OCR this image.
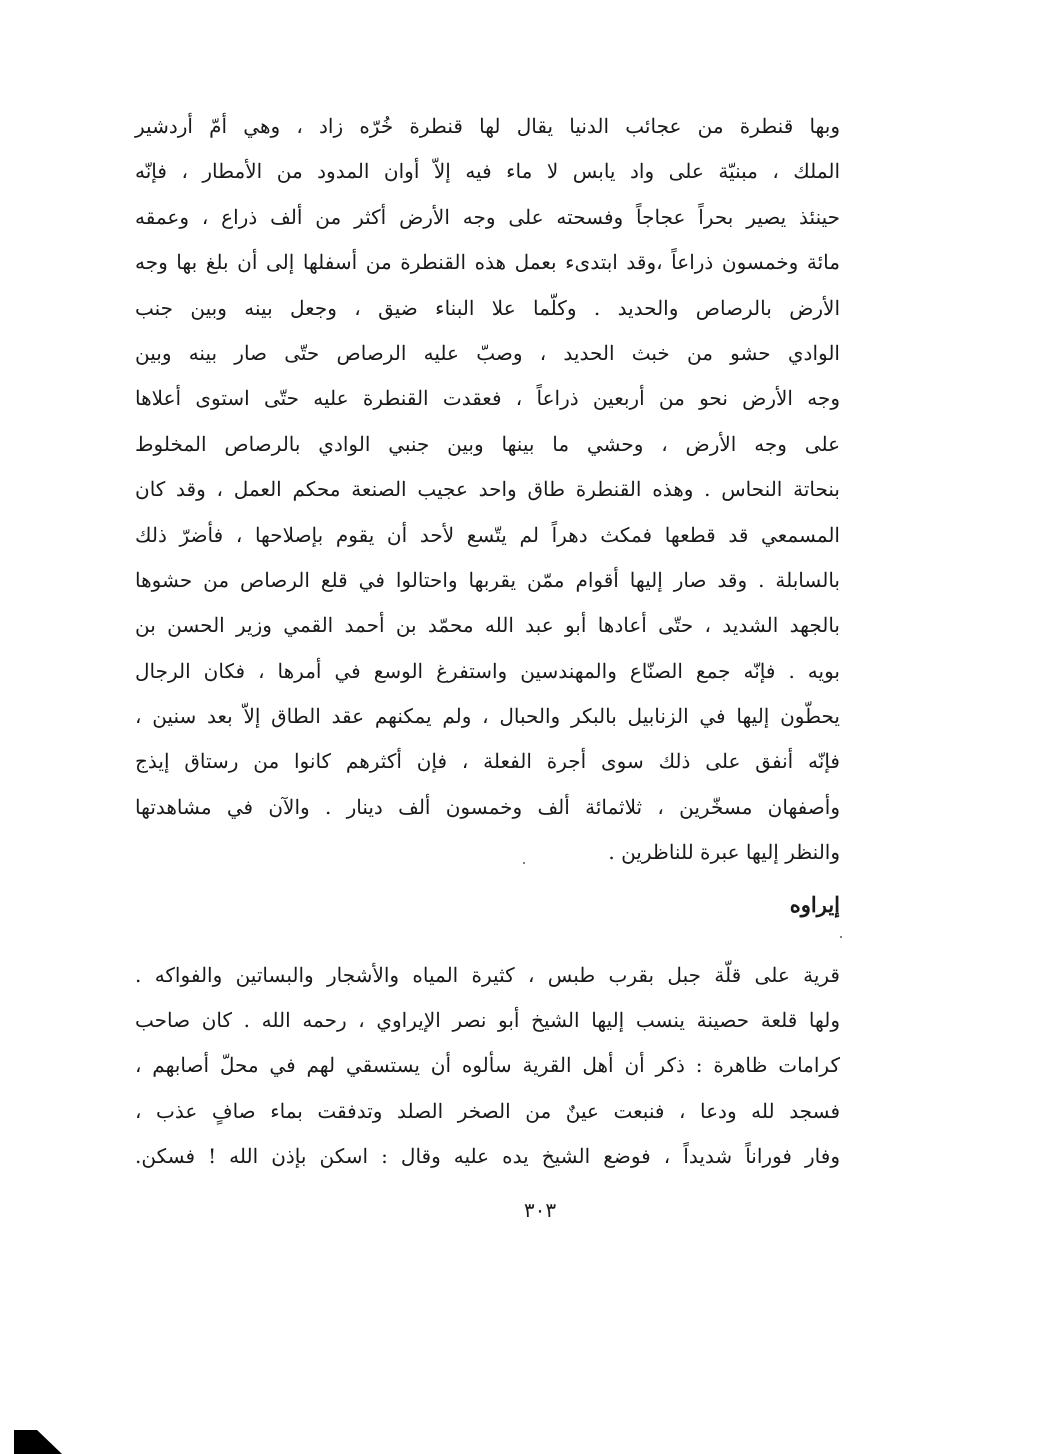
وبها قنطرة من عجائب الدنيا يقال لها قنطرة خُرّه زاد ، وهي أمّ أردشير
الملك ، مبنيّة على واد يابس لا ماء فيه إلاّ أوان المدود من الأمطار ، فإنّه
حينئذ يصير بحراً عجاجاً وفسحته على وجه الأرض أكثر من ألف ذراع ، وعمقه
مائة وخمسون ذراعاً ،وقد ابتدىء بعمل هذه القنطرة من أسفلها إلى أن بلغ بها وجه
الأرض بالرصاص والحديد . وكلّما علا البناء ضيق ، وجعل بينه وبين جنب
الوادي حشو من خبث الحديد ، وصبّ عليه الرصاص حتّى صار بينه وبين
وجه الأرض نحو من أربعين ذراعاً ، فعقدت القنطرة عليه حتّى استوى أعلاها
على وجه الأرض ، وحشي ما بينها وبين جنبي الوادي بالرصاص المخلوط
بنحاتة النحاس . وهذه القنطرة طاق واحد عجيب الصنعة محكم العمل ، وقد كان
المسمعي قد قطعها فمكث دهراً لم يتّسع لأحد أن يقوم بإصلاحها ، فأضرّ ذلك
بالسابلة . وقد صار إليها أقوام ممّن يقربها واحتالوا في قلع الرصاص من حشوها
بالجهد الشديد ، حتّى أعادها أبو عبد الله محمّد بن أحمد القمي وزير الحسن بن
بويه . فإنّه جمع الصنّاع والمهندسين واستفرغ الوسع في أمرها ، فكان الرجال
يحطّون إليها في الزنابيل بالبكر والحبال ، ولم يمكنهم عقد الطاق إلاّ بعد سنين ،
فإنّه أنفق على ذلك سوى أجرة الفعلة ، فإن أكثرهم كانوا من رستاق إيذج
وأصفهان مسخّرين ، ثلاثمائة ألف وخمسون ألف دينار . والآن في مشاهدتها
والنظر إليها عبرة للناظرين .
إيراوه
قرية على قلّة جبل بقرب طبس ، كثيرة المياه والأشجار والبساتين والفواكه .
ولها قلعة حصينة ينسب إليها الشيخ أبو نصر الإيراوي ، رحمه الله . كان صاحب
كرامات ظاهرة : ذكر أن أهل القرية سألوه أن يستسقي لهم في محلّ أصابهم ،
فسجد لله ودعا ، فنبعت عينٌ من الصخر الصلد وتدفقت بماء صافٍ عذب ،
وفار فوراناً شديداً ، فوضع الشيخ يده عليه وقال : اسكن بإذن الله ! فسكن.
٣٠٣
